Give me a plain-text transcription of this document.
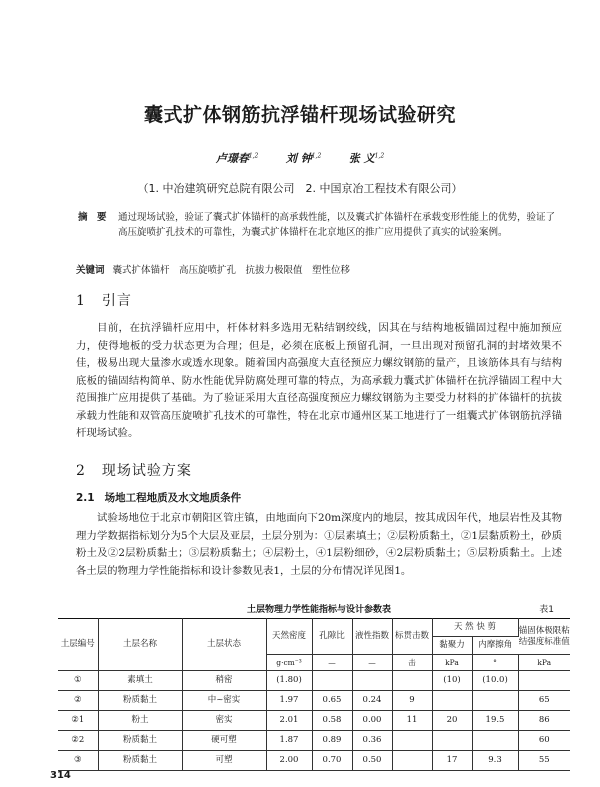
囊式扩体钢筋抗浮锚杆现场试验研究
卢璟春$^{1,2}$	刘 钟$^{1,2}$	张 义$^{1,2}$
（1. 中冶建筑研究总院有限公司　2. 中国京冶工程技术有限公司）
摘　要 通过现场试验，验证了囊式扩体锚杆的高承载性能，以及囊式扩体锚杆在承载变形性能上的优势，验证了高压旋喷扩孔技术的可靠性，为囊式扩体锚杆在北京地区的推广应用提供了真实的试验案例。
关键词 囊式扩体锚杆　高压旋喷扩孔　抗拔力极限值　塑性位移
1 引言
目前，在抗浮锚杆应用中，杆体材料多选用无粘结钢绞线，因其在与结构地板锚固过程中施加预应力，使得地板的受力状态更为合理；但是，必须在底板上预留孔洞，一旦出现对预留孔洞的封堵效果不佳，极易出现大量渗水或透水现象。随着国内高强度大直径预应力螺纹钢筋的量产，且该筋体具有与结构底板的锚固结构简单、防水性能优异防腐处理可靠的特点，为高承载力囊式扩体锚杆在抗浮锚固工程中大范围推广应用提供了基础。为了验证采用大直径高强度预应力螺纹钢筋为主要受力材料的扩体锚杆的抗拔承载力性能和双管高压旋喷扩孔技术的可靠性，特在北京市通州区某工地进行了一组囊式扩体钢筋抗浮锚杆现场试验。
2 现场试验方案
2.1 场地工程地质及水文地质条件
试验场地位于北京市朝阳区管庄镇，由地面向下20m深度内的地层，按其成因年代，地层岩性及其物理力学数据指标划分为5个大层及亚层，土层分别为：①层素填土；②层粉质黏土，②1层黏质粉土，砂质粉土及②2层粉质黏土；③层粉质黏土；④层粉土，④1层粉细砂，④2层粉质黏土；⑤层粉质黏土。上述各土层的物理力学性能指标和设计参数见表1，土层的分布情况详见图1。
土层物理力学性能指标与设计参数表	表1
土层编号	土层名称	土层状态	天然密度	孔隙比	液性指数	标贯击数	天 然 快 剪		锚固体极限粘结强度标准值
							黏聚力	内摩擦角	
			g·cm⁻³	—	—	击	kPa	°	kPa
①	素填土	稍密	(1.80)				(10)	(10.0)	
②	粉质黏土	中~密实	1.97	0.65	0.24	9			65
②1	粉土	密实	2.01	0.58	0.00	11	20	19.5	86
②2	粉质黏土	硬可塑	1.87	0.89	0.36				60
③	粉质黏土	可塑	2.00	0.70	0.50		17	9.3	55
314
